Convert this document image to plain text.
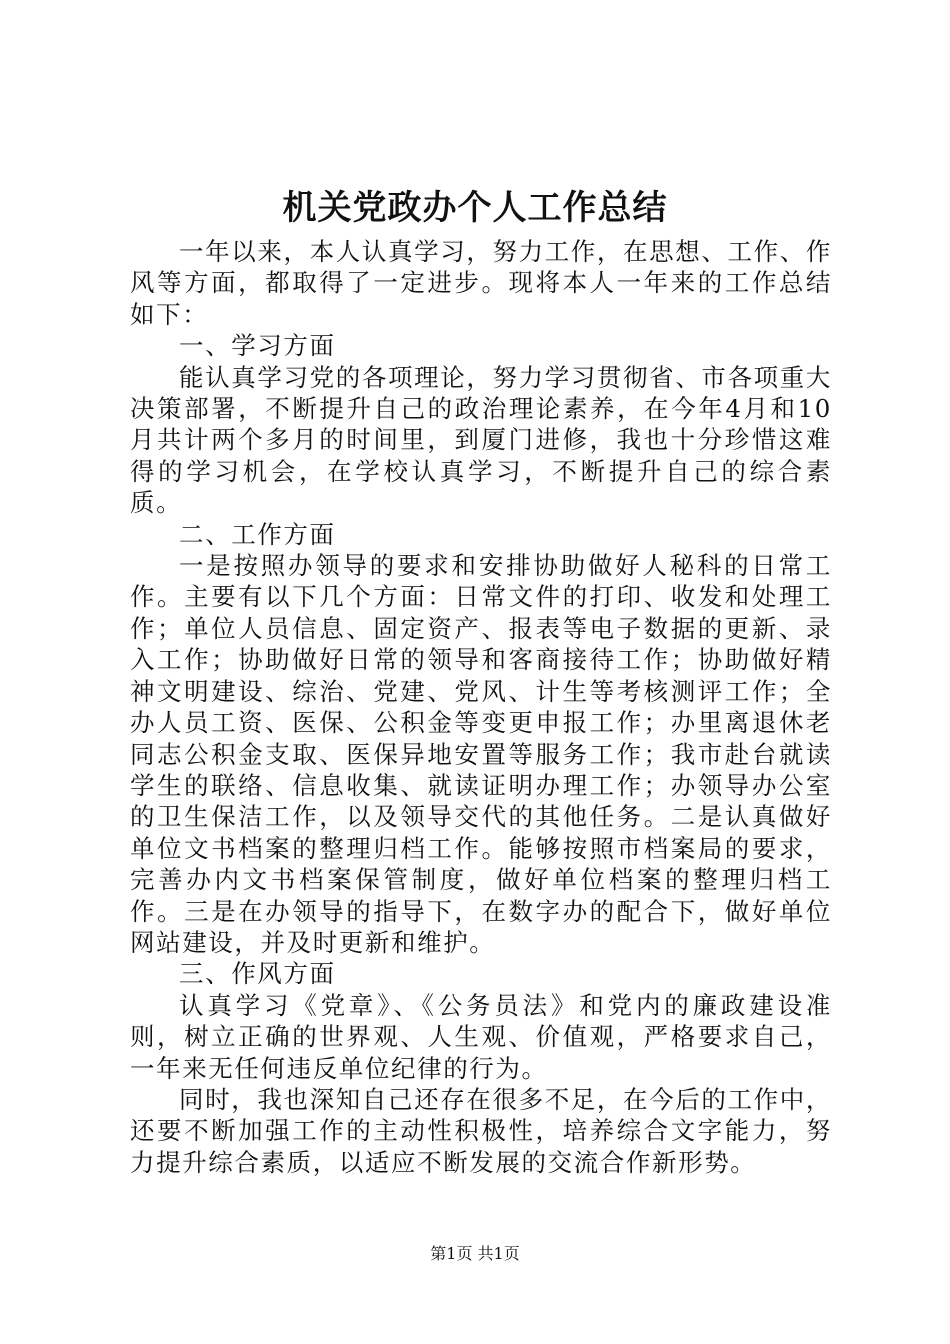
机关党政办个人工作总结

一年以来，本人认真学习，努力工作，在思想、工作、作风等方面，都取得了一定进步。现将本人一年来的工作总结如下：

一、学习方面

能认真学习党的各项理论，努力学习贯彻省、市各项重大决策部署，不断提升自己的政治理论素养，在今年4月和10月共计两个多月的时间里，到厦门进修，我也十分珍惜这难得的学习机会，在学校认真学习，不断提升自己的综合素质。

二、工作方面

一是按照办领导的要求和安排协助做好人秘科的日常工作。主要有以下几个方面：日常文件的打印、收发和处理工作；单位人员信息、固定资产、报表等电子数据的更新、录入工作；协助做好日常的领导和客商接待工作；协助做好精神文明建设、综治、党建、党风、计生等考核测评工作；全办人员工资、医保、公积金等变更申报工作；办里离退休老同志公积金支取、医保异地安置等服务工作；我市赴台就读学生的联络、信息收集、就读证明办理工作；办领导办公室的卫生保洁工作，以及领导交代的其他任务。二是认真做好单位文书档案的整理归档工作。能够按照市档案局的要求，完善办内文书档案保管制度，做好单位档案的整理归档工作。三是在办领导的指导下，在数字办的配合下，做好单位网站建设，并及时更新和维护。

三、作风方面

认真学习《党章》、《公务员法》和党内的廉政建设准则，树立正确的世界观、人生观、价值观，严格要求自己，一年来无任何违反单位纪律的行为。

同时，我也深知自己还存在很多不足，在今后的工作中，还要不断加强工作的主动性积极性，培养综合文字能力，努力提升综合素质，以适应不断发展的交流合作新形势。

第1页 共1页
